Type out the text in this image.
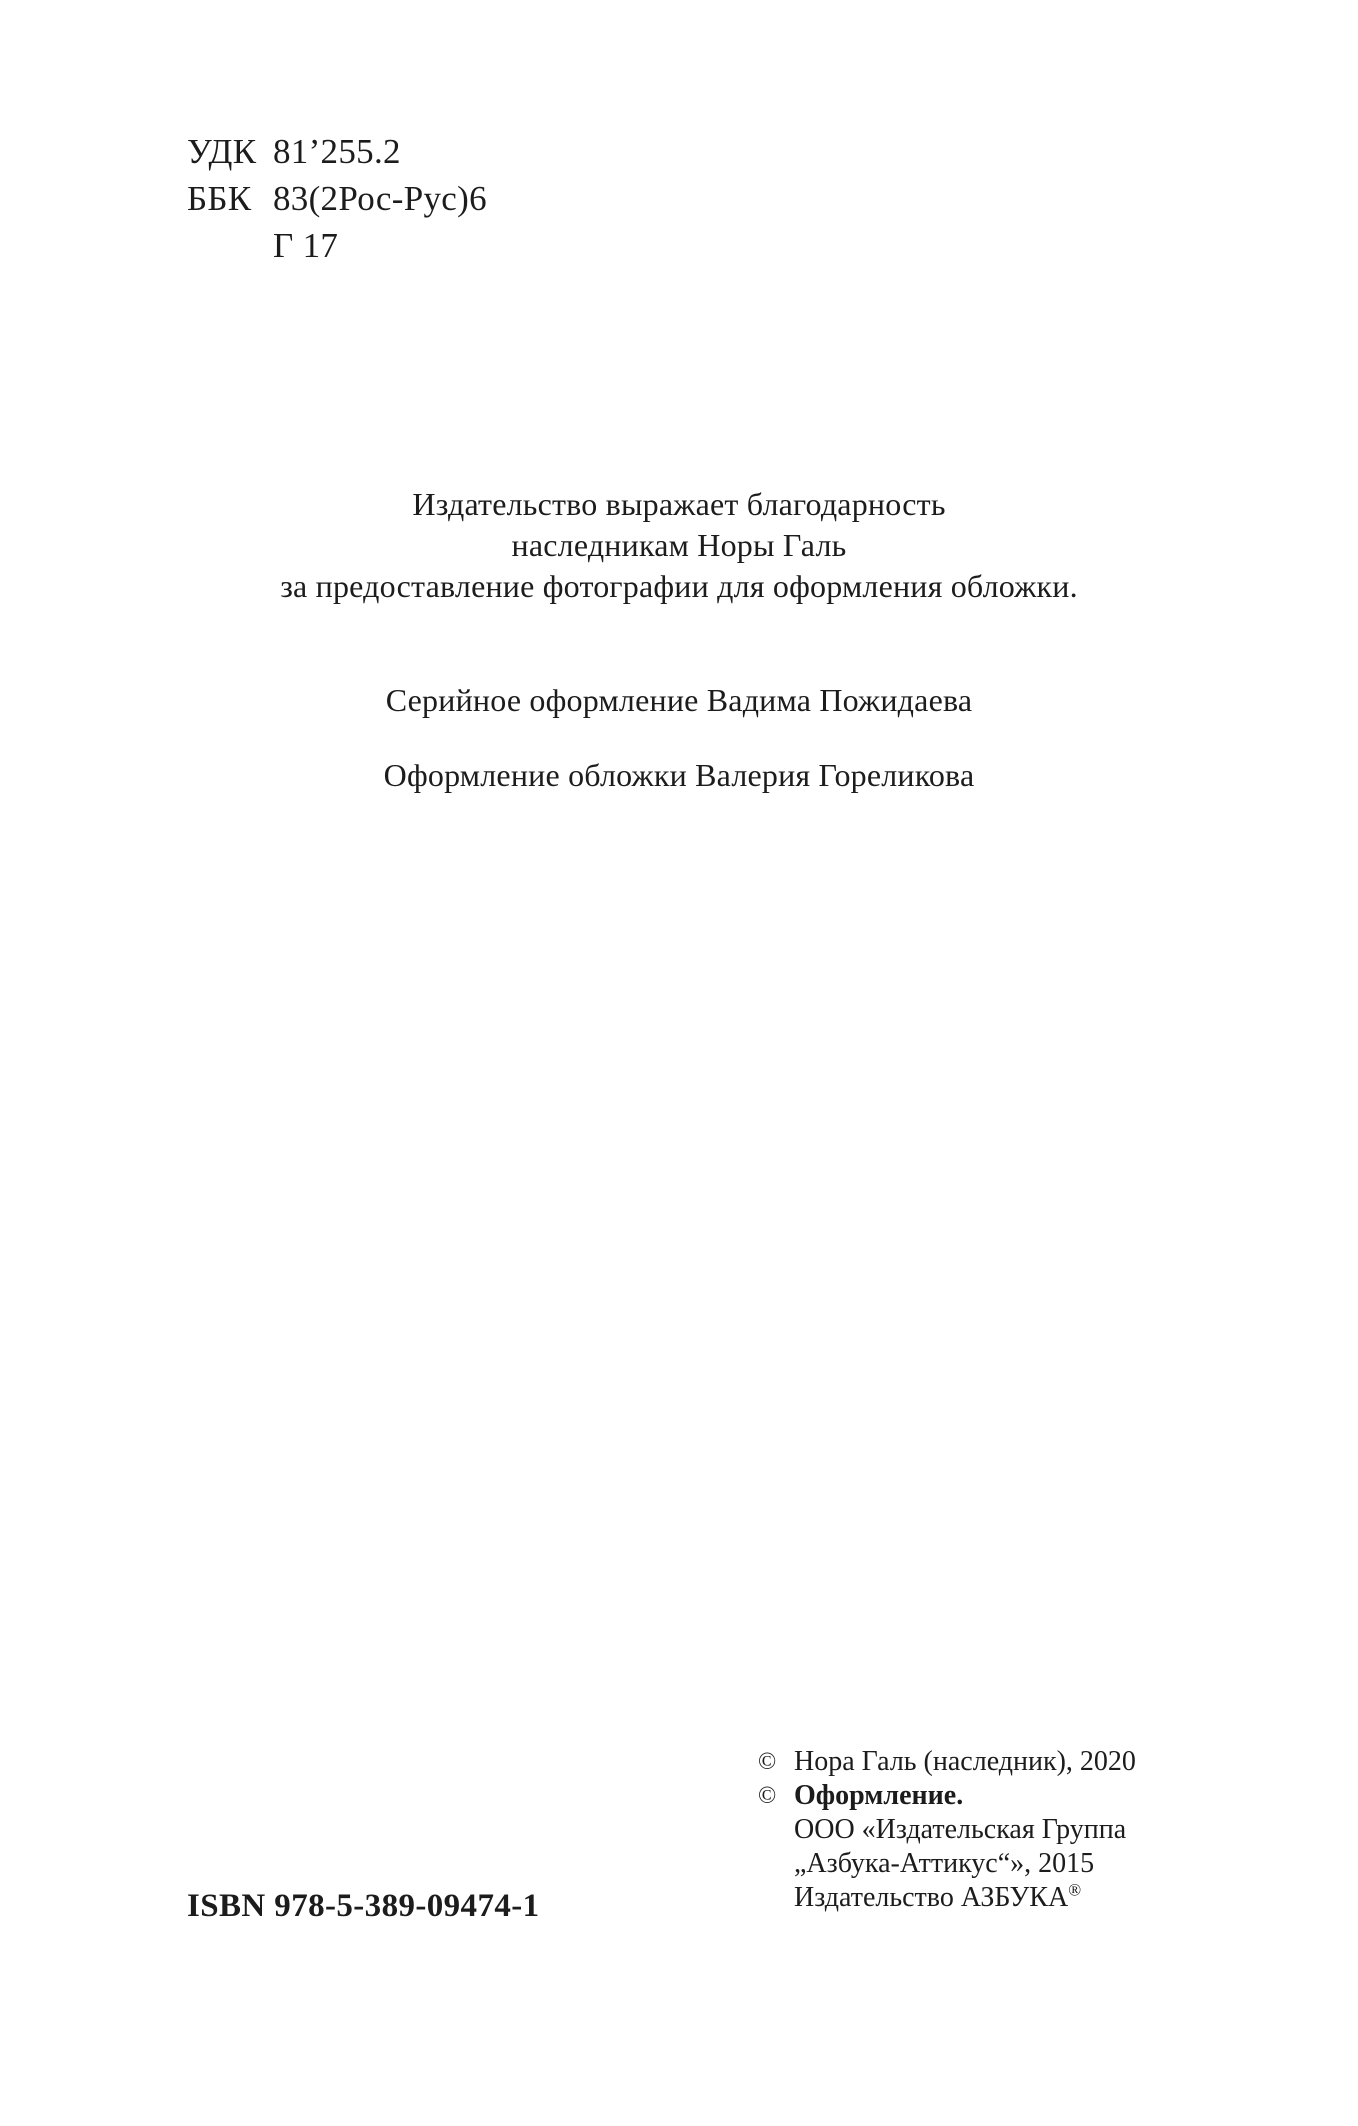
УДК 81’255.2
ББК 83(2Рос-Рус)6
Г 17
Издательство выражает благодарность
наследникам Норы Галь
за предоставление фотографии для оформления обложки.
Серийное оформление Вадима Пожидаева
Оформление обложки Валерия Гореликова
ISBN 978-5-389-09474-1
© Нора Галь (наследник), 2020
© Оформление.
ООО «Издательская Группа
„Азбука-Аттикус“», 2015
Издательство АЗБУКА®
